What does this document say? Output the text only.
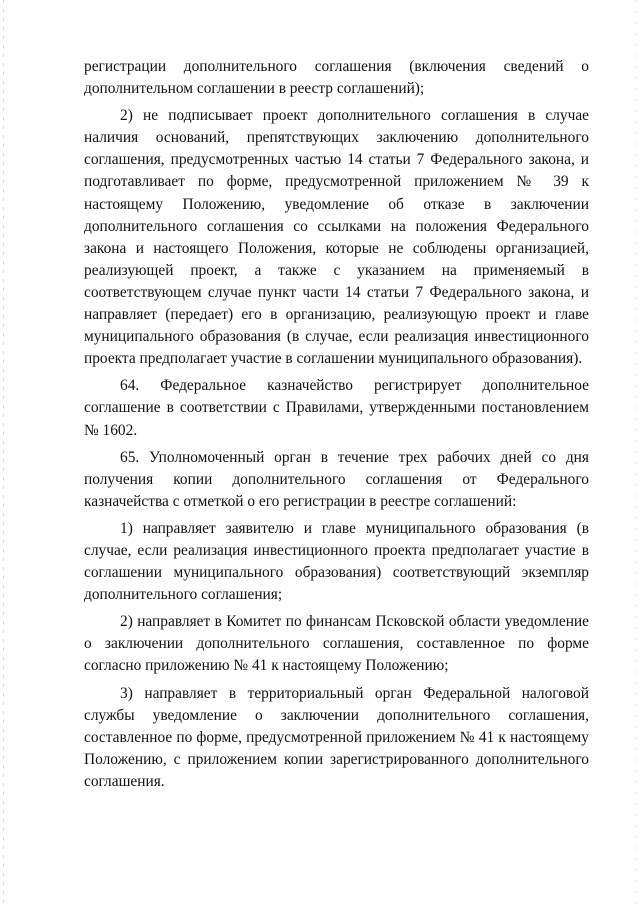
регистрации дополнительного соглашения (включения сведений о дополнительном соглашении в реестр соглашений);

2) не подписывает проект дополнительного соглашения в случае наличия оснований, препятствующих заключению дополнительного соглашения, предусмотренных частью 14 статьи 7 Федерального закона, и подготавливает по форме, предусмотренной приложением № 39 к настоящему Положению, уведомление об отказе в заключении дополнительного соглашения со ссылками на положения Федерального закона и настоящего Положения, которые не соблюдены организацией, реализующей проект, а также с указанием на применяемый в соответствующем случае пункт части 14 статьи 7 Федерального закона, и направляет (передает) его в организацию, реализующую проект и главе муниципального образования (в случае, если реализация инвестиционного проекта предполагает участие в соглашении муниципального образования).

64. Федеральное казначейство регистрирует дополнительное соглашение в соответствии с Правилами, утвержденными постановлением № 1602.

65. Уполномоченный орган в течение трех рабочих дней со дня получения копии дополнительного соглашения от Федерального казначейства с отметкой о его регистрации в реестре соглашений:

1) направляет заявителю и главе муниципального образования (в случае, если реализация инвестиционного проекта предполагает участие в соглашении муниципального образования) соответствующий экземпляр дополнительного соглашения;

2) направляет в Комитет по финансам Псковской области уведомление о заключении дополнительного соглашения, составленное по форме согласно приложению № 41 к настоящему Положению;

3) направляет в территориальный орган Федеральной налоговой службы уведомление о заключении дополнительного соглашения, составленное по форме, предусмотренной приложением № 41 к настоящему Положению, с приложением копии зарегистрированного дополнительного соглашения.
